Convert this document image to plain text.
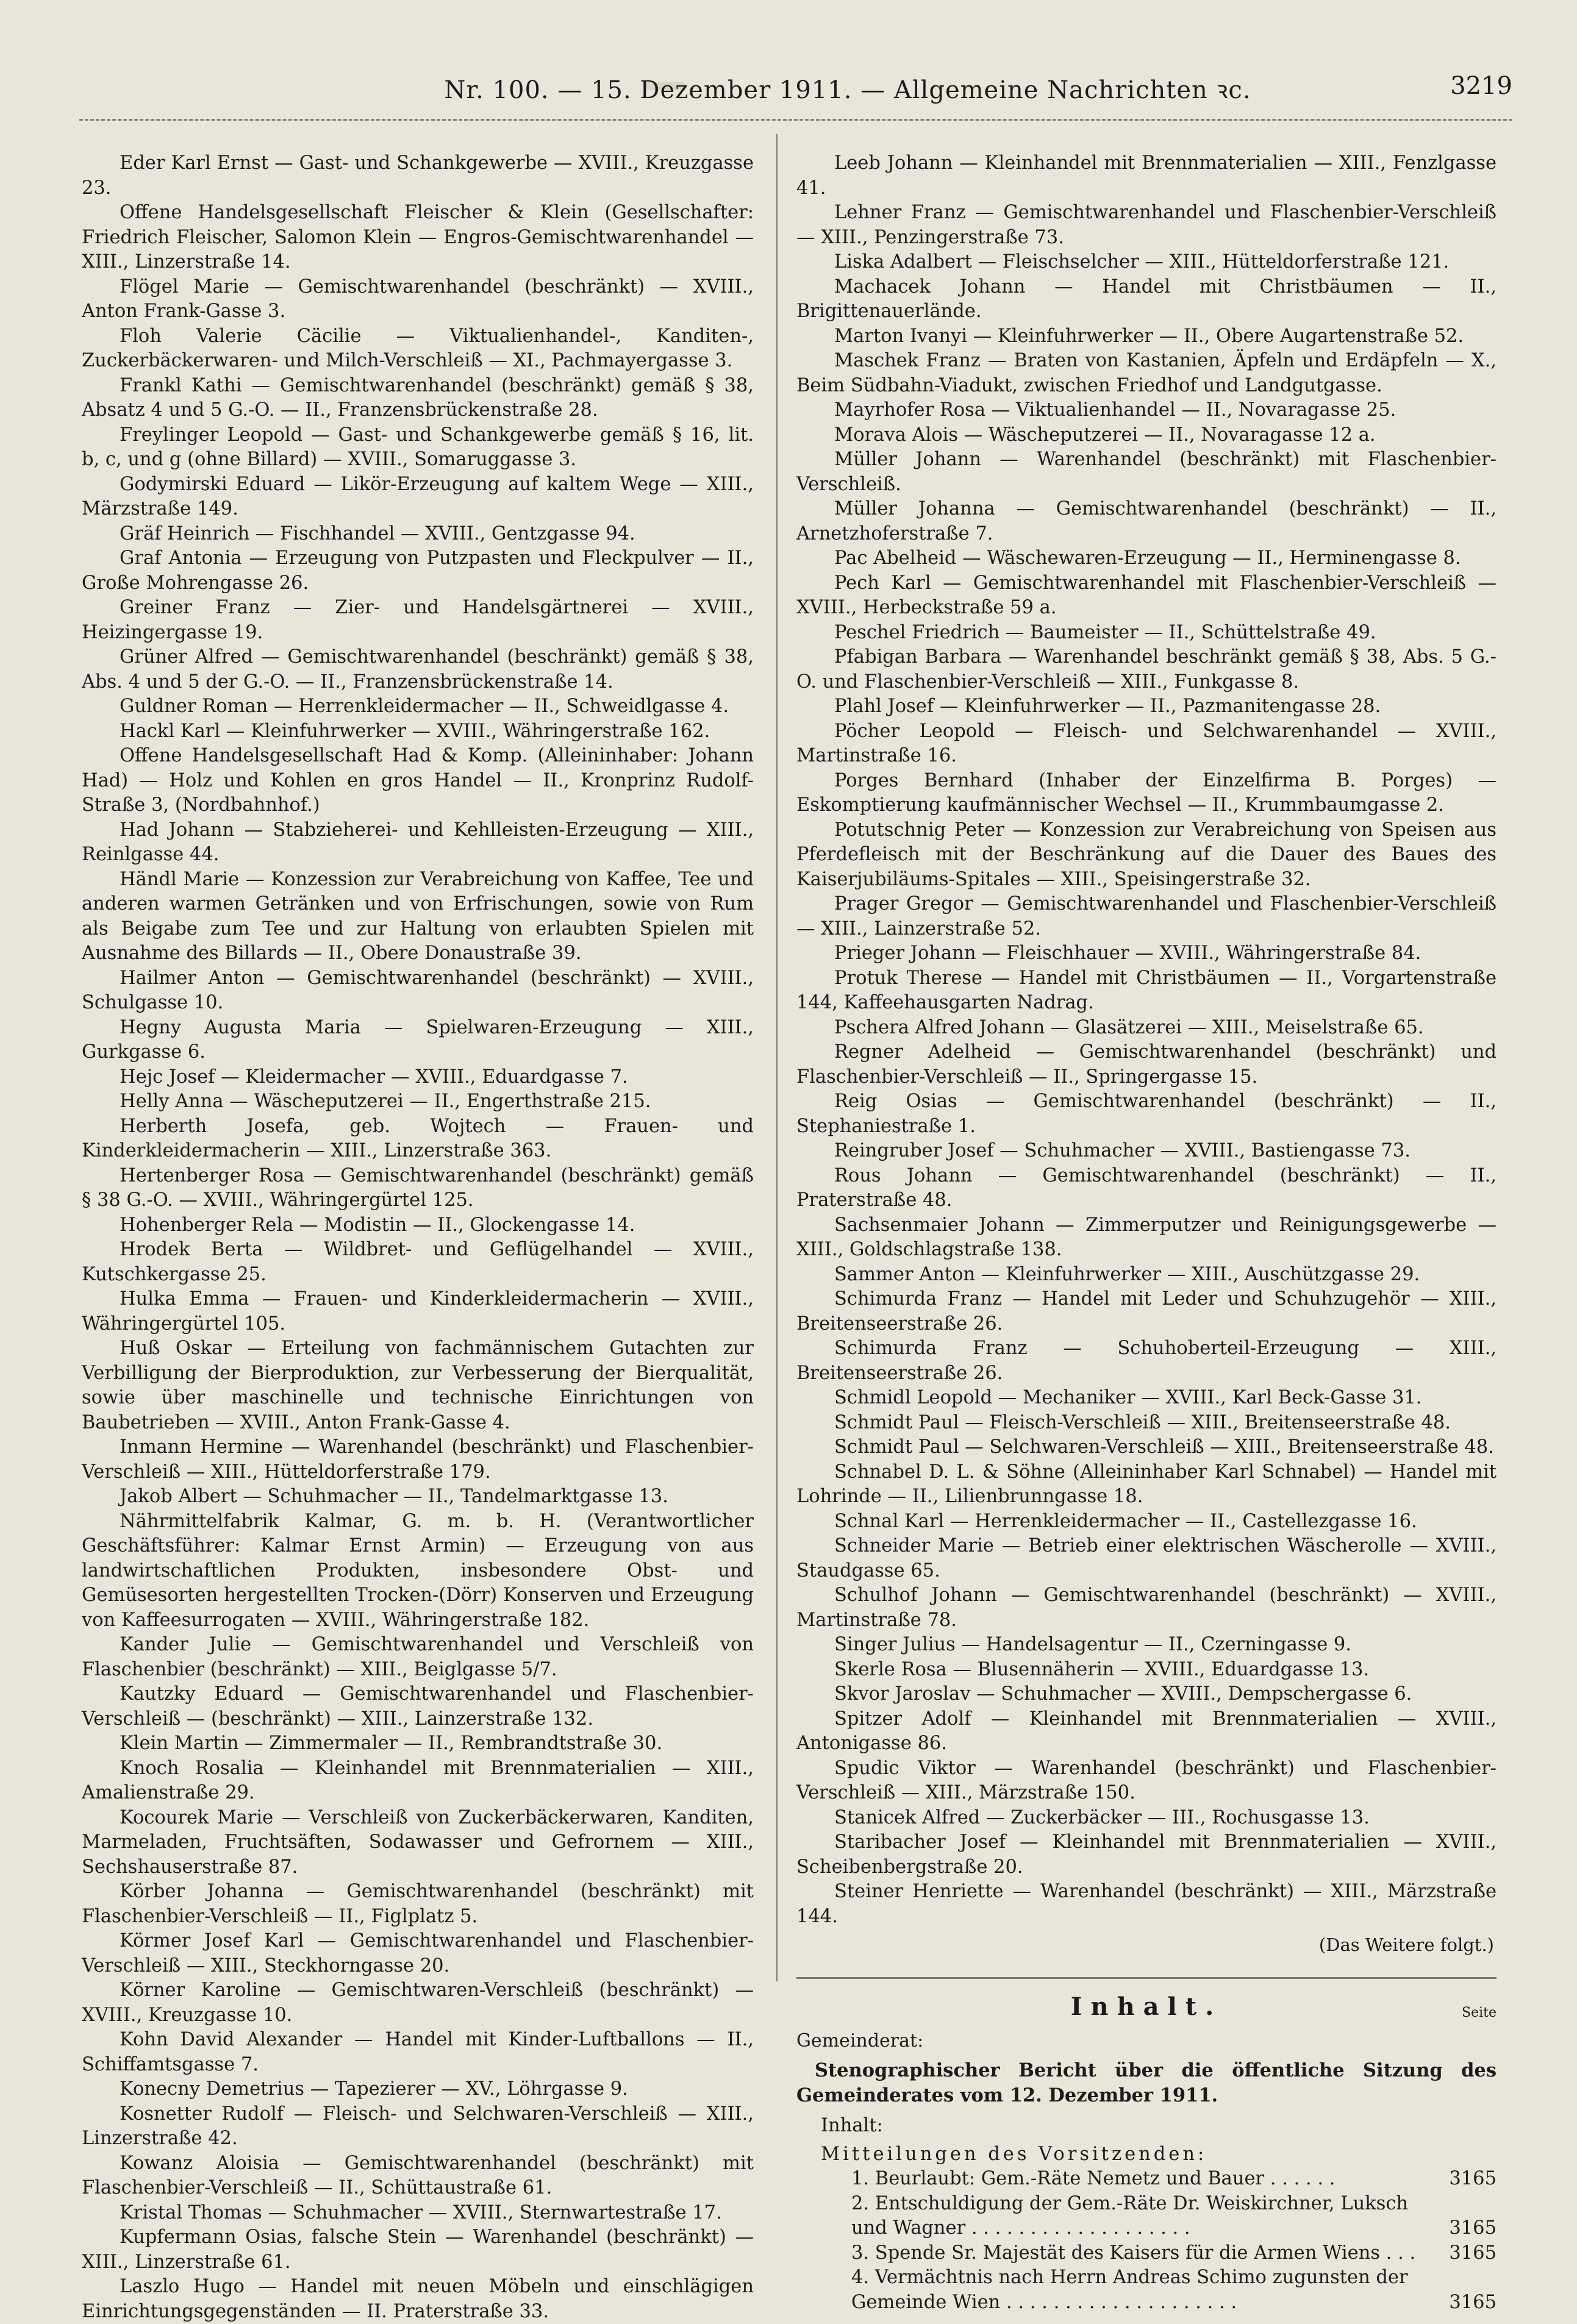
Nr. 100. — 15. Dezember 1911. — Allgemeine Nachrichten ꝛc.	3219

Eder Karl Ernst — Gast- und Schankgewerbe — XVIII., Kreuzgasse 23.

Offene Handelsgesellschaft Fleischer & Klein (Gesellschafter: Friedrich Fleischer, Salomon Klein — Engros-Gemischtwarenhandel — XIII., Linzerstraße 14.

Flögel Marie — Gemischtwarenhandel (beschränkt) — XVIII., Anton Frank-Gasse 3.

Floh Valerie Cäcilie — Viktualienhandel-, Kanditen-, Zuckerbäckerwaren- und Milch-Verschleiß — XI., Pachmayergasse 3.

Frankl Kathi — Gemischtwarenhandel (beschränkt) gemäß § 38, Absatz 4 und 5 G.-O. — II., Franzensbrückenstraße 28.

Freylinger Leopold — Gast- und Schankgewerbe gemäß § 16, lit. b, c, und g (ohne Billard) — XVIII., Somaruggasse 3.

Godymirski Eduard — Likör-Erzeugung auf kaltem Wege — XIII., Märzstraße 149.

Gräf Heinrich — Fischhandel — XVIII., Gentzgasse 94.

Graf Antonia — Erzeugung von Putzpasten und Fleckpulver — II., Große Mohrengasse 26.

Greiner Franz — Zier- und Handelsgärtnerei — XVIII., Heizingergasse 19.

Grüner Alfred — Gemischtwarenhandel (beschränkt) gemäß § 38, Abs. 4 und 5 der G.-O. — II., Franzensbrückenstraße 14.

Guldner Roman — Herrenkleidermacher — II., Schweidlgasse 4.

Hackl Karl — Kleinfuhrwerker — XVIII., Währingerstraße 162.

Offene Handelsgesellschaft Had & Komp. (Alleininhaber: Johann Had) — Holz und Kohlen en gros Handel — II., Kronprinz Rudolf-Straße 3, (Nordbahnhof.)

Had Johann — Stabzieherei- und Kehlleisten-Erzeugung — XIII., Reinlgasse 44.

Händl Marie — Konzession zur Verabreichung von Kaffee, Tee und anderen warmen Getränken und von Erfrischungen, sowie von Rum als Beigabe zum Tee und zur Haltung von erlaubten Spielen mit Ausnahme des Billards — II., Obere Donaustraße 39.

Hailmer Anton — Gemischtwarenhandel (beschränkt) — XVIII., Schulgasse 10.

Hegny Augusta Maria — Spielwaren-Erzeugung — XIII., Gurkgasse 6.

Hejc Josef — Kleidermacher — XVIII., Eduardgasse 7.

Helly Anna — Wäscheputzerei — II., Engerthstraße 215.

Herberth Josefa, geb. Wojtech — Frauen- und Kinderkleidermacherin — XIII., Linzerstraße 363.

Hertenberger Rosa — Gemischtwarenhandel (beschränkt) gemäß § 38 G.-O. — XVIII., Währingergürtel 125.

Hohenberger Rela — Modistin — II., Glockengasse 14.

Hrodek Berta — Wildbret- und Geflügelhandel — XVIII., Kutschkergasse 25.

Hulka Emma — Frauen- und Kinderkleidermacherin — XVIII., Währingergürtel 105.

Huß Oskar — Erteilung von fachmännischem Gutachten zur Verbilligung der Bierproduktion, zur Verbesserung der Bierqualität, sowie über maschinelle und technische Einrichtungen von Baubetrieben — XVIII., Anton Frank-Gasse 4.

Inmann Hermine — Warenhandel (beschränkt) und Flaschenbier-Verschleiß — XIII., Hütteldorferstraße 179.

Jakob Albert — Schuhmacher — II., Tandelmarktgasse 13.

Nährmittelfabrik Kalmar, G. m. b. H. (Verantwortlicher Geschäftsführer: Kalmar Ernst Armin) — Erzeugung von aus landwirtschaftlichen Produkten, insbesondere Obst- und Gemüsesorten hergestellten Trocken-(Dörr) Konserven und Erzeugung von Kaffeesurrogaten — XVIII., Währingerstraße 182.

Kander Julie — Gemischtwarenhandel und Verschleiß von Flaschenbier (beschränkt) — XIII., Beiglgasse 5/7.

Kautzky Eduard — Gemischtwarenhandel und Flaschenbier-Verschleiß — (beschränkt) — XIII., Lainzerstraße 132.

Klein Martin — Zimmermaler — II., Rembrandtstraße 30.

Knoch Rosalia — Kleinhandel mit Brennmaterialien — XIII., Amalienstraße 29.

Kocourek Marie — Verschleiß von Zuckerbäckerwaren, Kanditen, Marmeladen, Fruchtsäften, Sodawasser und Gefrornem — XIII., Sechshauserstraße 87.

Körber Johanna — Gemischtwarenhandel (beschränkt) mit Flaschenbier-Verschleiß — II., Figlplatz 5.

Körmer Josef Karl — Gemischtwarenhandel und Flaschenbier-Verschleiß — XIII., Steckhorngasse 20.

Körner Karoline — Gemischtwaren-Verschleiß (beschränkt) — XVIII., Kreuzgasse 10.

Kohn David Alexander — Handel mit Kinder-Luftballons — II., Schiffamtsgasse 7.

Konecny Demetrius — Tapezierer — XV., Löhrgasse 9.

Kosnetter Rudolf — Fleisch- und Selchwaren-Verschleiß — XIII., Linzerstraße 42.

Kowanz Aloisia — Gemischtwarenhandel (beschränkt) mit Flaschenbier-Verschleiß — II., Schüttaustraße 61.

Kristal Thomas — Schuhmacher — XVIII., Sternwartestraße 17.

Kupfermann Osias, falsche Stein — Warenhandel (beschränkt) — XIII., Linzerstraße 61.

Laszlo Hugo — Handel mit neuen Möbeln und einschlägigen Einrichtungsgegenständen — II. Praterstraße 33.

Leeb Johann — Kleinhandel mit Brennmaterialien — XIII., Fenzlgasse 41.

Lehner Franz — Gemischtwarenhandel und Flaschenbier-Verschleiß — XIII., Penzingerstraße 73.

Liska Adalbert — Fleischselcher — XIII., Hütteldorferstraße 121.

Machacek Johann — Handel mit Christbäumen — II., Brigittenauerlände.

Marton Ivanyi — Kleinfuhrwerker — II., Obere Augartenstraße 52.

Maschek Franz — Braten von Kastanien, Äpfeln und Erdäpfeln — X., Beim Südbahn-Viadukt, zwischen Friedhof und Landgutgasse.

Mayrhofer Rosa — Viktualienhandel — II., Novaragasse 25.

Morava Alois — Wäscheputzerei — II., Novaragasse 12 a.

Müller Johann — Warenhandel (beschränkt) mit Flaschenbier-Verschleiß.

Müller Johanna — Gemischtwarenhandel (beschränkt) — II., Arnetzhoferstraße 7.

Pac Abelheid — Wäschewaren-Erzeugung — II., Herminengasse 8.

Pech Karl — Gemischtwarenhandel mit Flaschenbier-Verschleiß — XVIII., Herbeckstraße 59 a.

Peschel Friedrich — Baumeister — II., Schüttelstraße 49.

Pfabigan Barbara — Warenhandel beschränkt gemäß § 38, Abs. 5 G.-O. und Flaschenbier-Verschleiß — XIII., Funkgasse 8.

Plahl Josef — Kleinfuhrwerker — II., Pazmanitengasse 28.

Pöcher Leopold — Fleisch- und Selchwarenhandel — XVIII., Martinstraße 16.

Porges Bernhard (Inhaber der Einzelfirma B. Porges) — Eskomptierung kaufmännischer Wechsel — II., Krummbaumgasse 2.

Potutschnig Peter — Konzession zur Verabreichung von Speisen aus Pferdefleisch mit der Beschränkung auf die Dauer des Baues des Kaiserjubiläums-Spitales — XIII., Speisingerstraße 32.

Prager Gregor — Gemischtwarenhandel und Flaschenbier-Verschleiß — XIII., Lainzerstraße 52.

Prieger Johann — Fleischhauer — XVIII., Währingerstraße 84.

Protuk Therese — Handel mit Christbäumen — II., Vorgartenstraße 144, Kaffeehausgarten Nadrag.

Pschera Alfred Johann — Glasätzerei — XIII., Meiselstraße 65.

Regner Adelheid — Gemischtwarenhandel (beschränkt) und Flaschenbier-Verschleiß — II., Springergasse 15.

Reig Osias — Gemischtwarenhandel (beschränkt) — II., Stephaniestraße 1.

Reingruber Josef — Schuhmacher — XVIII., Bastiengasse 73.

Rous Johann — Gemischtwarenhandel (beschränkt) — II., Praterstraße 48.

Sachsenmaier Johann — Zimmerputzer und Reinigungsgewerbe — XIII., Goldschlagstraße 138.

Sammer Anton — Kleinfuhrwerker — XIII., Auschützgasse 29.

Schimurda Franz — Handel mit Leder und Schuhzugehör — XIII., Breitenseerstraße 26.

Schimurda Franz — Schuhoberteil-Erzeugung — XIII., Breitenseerstraße 26.

Schmidl Leopold — Mechaniker — XVIII., Karl Beck-Gasse 31.

Schmidt Paul — Fleisch-Verschleiß — XIII., Breitenseerstraße 48.

Schmidt Paul — Selchwaren-Verschleiß — XIII., Breitenseerstraße 48.

Schnabel D. L. & Söhne (Alleininhaber Karl Schnabel) — Handel mit Lohrinde — II., Lilienbrunngasse 18.

Schnal Karl — Herrenkleidermacher — II., Castellezgasse 16.

Schneider Marie — Betrieb einer elektrischen Wäscherolle — XVIII., Staudgasse 65.

Schulhof Johann — Gemischtwarenhandel (beschränkt) — XVIII., Martinstraße 78.

Singer Julius — Handelsagentur — II., Czerningasse 9.

Skerle Rosa — Blusennäherin — XVIII., Eduardgasse 13.

Skvor Jaroslav — Schuhmacher — XVIII., Dempschergasse 6.

Spitzer Adolf — Kleinhandel mit Brennmaterialien — XVIII., Antonigasse 86.

Spudic Viktor — Warenhandel (beschränkt) und Flaschenbier-Verschleiß — XIII., Märzstraße 150.

Stanicek Alfred — Zuckerbäcker — III., Rochusgasse 13.

Staribacher Josef — Kleinhandel mit Brennmaterialien — XVIII., Scheibenbergstraße 20.

Steiner Henriette — Warenhandel (beschränkt) — XIII., Märzstraße 144.

(Das Weitere folgt.)
Inhalt.	Seite
Gemeinderat:
Stenographischer Bericht über die öffentliche Sitzung des Gemeinderates vom 12. Dezember 1911.
Inhalt:
Mitteilungen des Vorsitzenden:
1. Beurlaubt: Gem.-Räte Nemetz und Bauer . . . . . .	3165
2. Entschuldigung der Gem.-Räte Dr. Weiskirchner, Luksch und Wagner . . . . . . . . . . . . . . . . . . .	3165
3. Spende Sr. Majestät des Kaisers für die Armen Wiens . . . 3165
4. Vermächtnis nach Herrn Andreas Schimo zugunsten der Gemeinde Wien . . . . . . . . . . . . . . . . . . . .	3165
